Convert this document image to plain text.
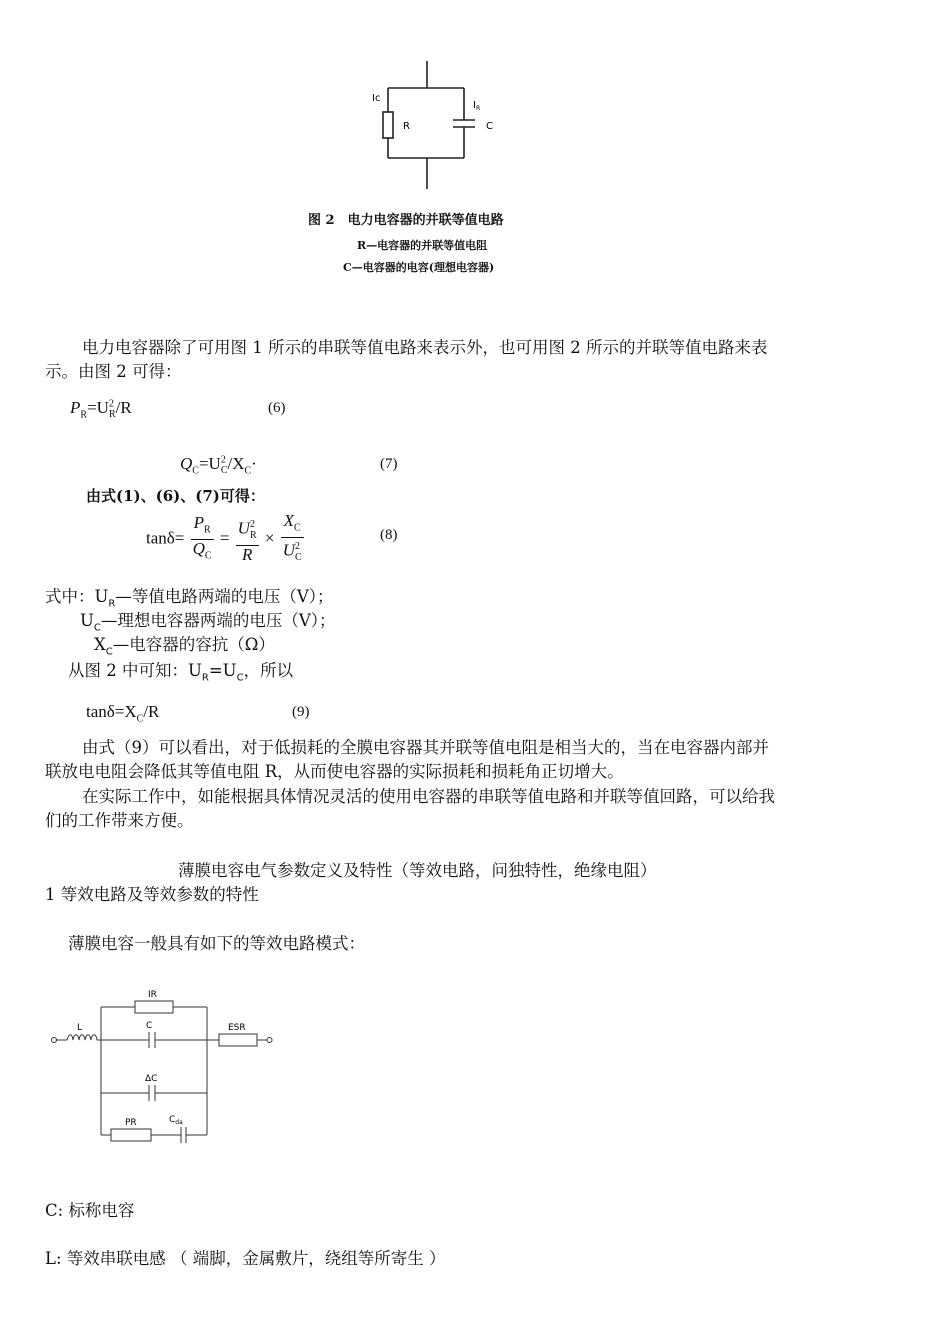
Ic
R
$I_R$
C
图 2　电力电容器的并联等值电路
R—电容器的并联等值电阻
C—电容器的电容(理想电容器)
电力电容器除了可用图 1 所示的串联等值电路来表示外，也可用图 2 所示的并联等值电路来表
示。由图 2 可得：
$P_R=U^2_R/R$	(6)
$Q_C=U^2_C/X_C\cdot$	(7)
由式(1)、(6)、(7)可得：
$\tan\delta= \frac{P_R}{Q_C} = \frac{U^2_R}{R} \times \frac{X_C}{U^2_C}$	(8)
式中：$U_R—$等值电路两端的电压（V）；
$U_C—$理想电容器两端的电压（V）；
$X_C—$电容器的容抗（Ω）
从图 2 中可知：$U_R=U_C$，所以
$\tan\delta=X_C/R$	(9)
由式（9）可以看出，对于低损耗的全膜电容器其并联等值电阻是相当大的，当在电容器内部并
联放电电阻会降低其等值电阻 R，从而使电容器的实际损耗和损耗角正切增大。
在实际工作中，如能根据具体情况灵活的使用电容器的串联等值电路和并联等值回路，可以给我
们的工作带来方便。
薄膜电容电气参数定义及特性（等效电路，问独特性，绝缘电阻）
1 等效电路及等效参数的特性
薄膜电容一般具有如下的等效电路模式：
IR
L	C	ESR
ΔC
PR	$C_{da}$
C: 标称电容
L: 等效串联电感 （ 端脚，金属敷片，绕组等所寄生 ）
